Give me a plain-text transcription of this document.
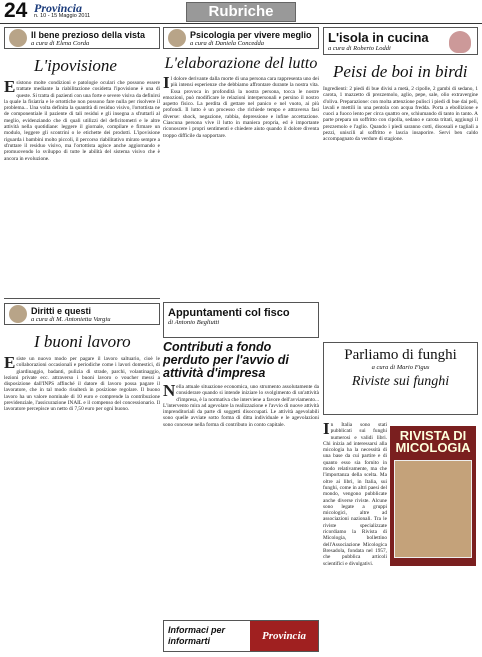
24 Provincia
n. 10 - 15 Maggio 2011	Rubriche
Il bene prezioso della vista
a cura di Elena Corda
L'ipovisione
Esistono molte condizioni e patologie oculari che possono essere trattate mediante la riabilitazione cosidetta l'ipovisione è una di queste. Si tratta di pazienti con una forte e severe visiva da definirsi la quale la fisiatria e le ortottiche non possono fare nulla per risolvere il problema... Una volta definita la quantità di residuo visivo, l'ortottista ne de componentiale il paziente di tali residui e gli insegna a sfruttarli al meglio, evidenziando che di quali utilizzi del deficitometri e le altre attività nella quotidiane: leggere il giornale, compilare e firmare un modulo, leggere gli scontrini o le etichette dei prodotti. L'ipovisione riguarda i bambini molto piccoli, il percorso riabilitativo mirato sempre a sfruttare il residuo visivo, ma l'ortottista agisce anche aggiornando e promuovendo lo sviluppo di tutte le abilità del sistema visivo che è ancora in evoluzione.
Diritti e questi
a cura di M. Antonietta Vargiu
I buoni lavoro
Esiste un nuovo modo per pagare il lavoro saltuario, cioè le collaborazioni occasionali e periodiche come i lavori domestici, di giardinaggio, badanti, pulizia di strade, parchi, volantinaggio, lezioni private ecc. attraverso i buoni lavoro o voucher messi a disposizione dall'INPS affinché il datore di lavoro possa pagare il lavoratore, che in tal modo risulterà in posizione regolare. Il buono lavoro ha un valore nominale di 10 euro e comprende la contribuzione previdenziale, l'assicurazione INAIL e il compenso del concessionario. Il lavoratore percepisce un netto di 7,50 euro per ogni buono.
Psicologia per vivere meglio
a cura di Daniela Concedda
L'elaborazione del lutto
Il dolore derivante dalla morte di una persona cara rappresenta uno dei più intensi esperienze che debbiamo affrontare durante la nostra vita. Essa provoca in profondità la nostra persona, tocca le nostre emozioni, può modificare le relazioni interpersonali e persino il nostro aspetto fisico. La perdita di gettare nel panico e nel vuoto, ai più profondi. Il lutto è un processo che richiede tempo e attraversa fasi diverse: shock, negazione, rabbia, depressione e infine accettazione. Ciascuna persona vive il lutto in maniera propria, ed è importante riconoscere i propri sentimenti e chiedere aiuto quando il dolore diventa troppo difficile da sopportare.
Appuntamenti col fisco
di Antonio Begliutti
Contributi a fondo perduto per l'avvio di attività d'impresa
Nella attuale situazione economica, uno strumento assolutamente da considerare quando si intende iniziare lo svolgimento di un'attività d'impresa, è la normativa che interviene a favore dell'avviamento... L'intervento mira ad agevolare la realizzazione e l'avvio di nuove attività imprenditoriali da parte di soggetti disoccupati. Le attività agevolabili sono quelle avviate sotto forma di ditta individuale e le agevolazioni sono concesse nella forma di contributo in conto capitale.
Informaci per informarti	Provincia
L'isola in cucina
a cura di Roberto Loddi
Peisi de boi in birdi
Ingredienti: 2 piedi di bue divisi a metà, 2 cipolle, 2 gambi di sedano, 1 carota, 1 mazzetto di prezzemolo, aglio, pepe, sale, olio extravergine d'oliva. Preparazione: con molta attenzione pulisci i piedi di bue dai peli, lavali e mettili in una pentola con acqua fredda. Porta a ebollizione e cuoci a fuoco lento per circa quattro ore, schiumando di tanto in tanto. A parte prepara un soffritto con cipolla, sedano e carota tritati, aggiungi il prezzemolo e l'aglio. Quando i piedi saranno cotti, disossali e tagliali a pezzi, uniscili al soffritto e lascia insaporire. Servi ben caldo accompagnato da verdure di stagione.
Parliamo di funghi
a cura di Mario Figus
Riviste sui funghi
In Italia sono stati pubblicati sui funghi numerosi e validi libri. Chi inizia ad interessarsi alla micologia ha la necessità di una base da cui partire e di quanto esso sia fornito in modo relativamente, ma che l'importanza della scelta. Ma oltre ai libri, in Italia, sui funghi, come in altri paesi del mondo, vengono pubblicate anche diverse riviste. Alcune sono legate a gruppi micologici, altre ad associazioni nazionali. Tra le riviste specializzate ricordiamo la Rivista di Micologia, bollettino dell'Associazione Micologica Bresadola, fondata nel 1957, che pubblica articoli scientifici e divulgativi.
RIVISTA DI MICOLOGIA
